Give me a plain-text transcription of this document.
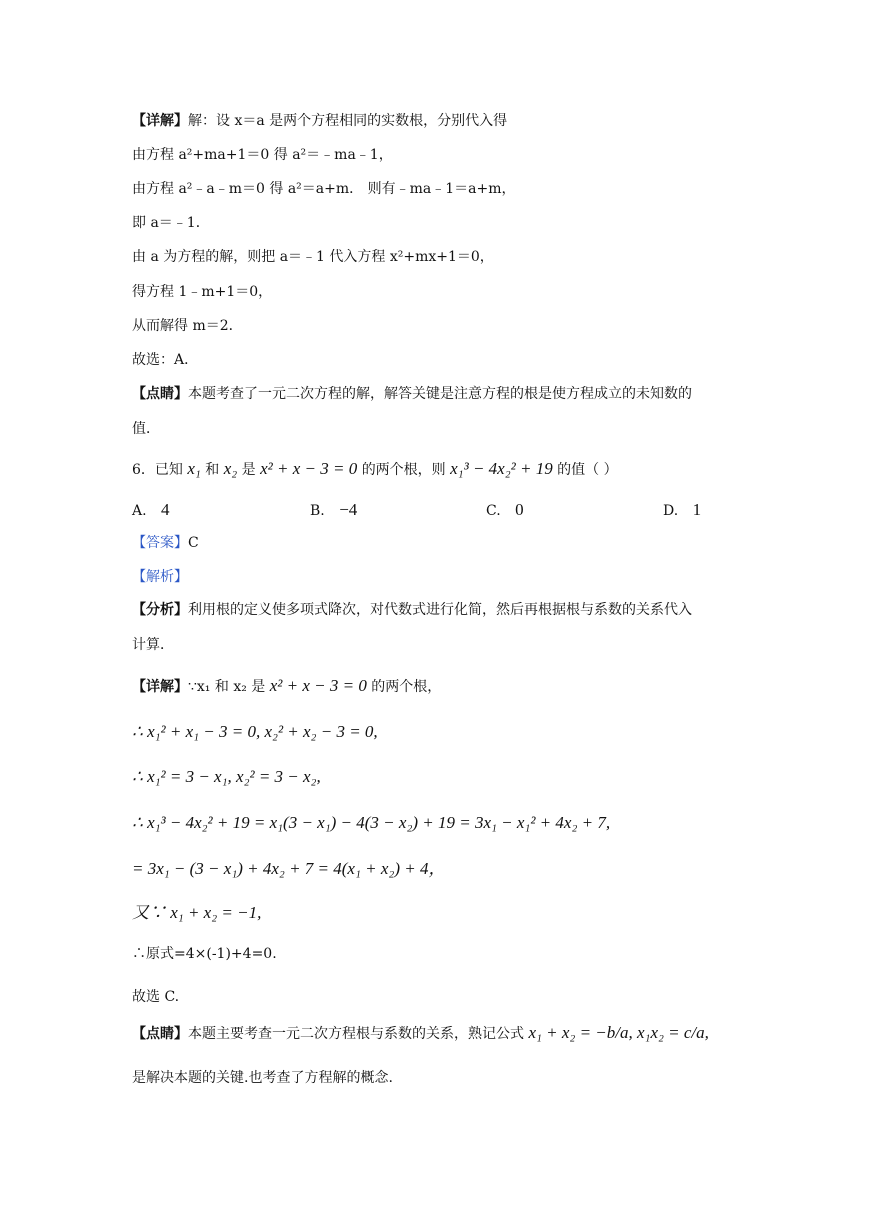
【详解】解：设 x＝a 是两个方程相同的实数根，分别代入得
由方程 a²+ma+1＝0 得 a²＝﹣ma﹣1，
由方程 a²﹣a﹣m＝0 得 a²＝a+m． 则有﹣ma﹣1＝a+m，
即 a＝﹣1．
由 a 为方程的解，则把 a＝﹣1 代入方程 x²+mx+1＝0，
得方程 1﹣m+1＝0，
从而解得 m＝2．
故选：A．
【点睛】本题考查了一元二次方程的解，解答关键是注意方程的根是使方程成立的未知数的
值．
6．已知 x₁ 和 x₂ 是 x² + x − 3 = 0 的两个根，则 x₁³ − 4x₂² + 19 的值（ ）
A. 4	B. −4	C. 0	D. 1
【答案】C
【解析】
【分析】利用根的定义使多项式降次，对代数式进行化简，然后再根据根与系数的关系代入
计算．
【详解】∵x₁ 和 x₂ 是 x² + x − 3 = 0 的两个根，
∴ x₁² + x₁ − 3 = 0, x₂² + x₂ − 3 = 0,
∴ x₁² = 3 − x₁, x₂² = 3 − x₂,
∴ x₁³ − 4x₂² + 19 = x₁(3 − x₁) − 4(3 − x₂) + 19 = 3x₁ − x₁² + 4x₂ + 7,
= 3x₁ − (3 − x₁) + 4x₂ + 7 = 4(x₁ + x₂) + 4，
又∵ x₁ + x₂ = −1,
∴原式=4×(-1)+4=0.
故选 C.
【点睛】本题主要考查一元二次方程根与系数的关系，熟记公式 x₁ + x₂ = −b/a, x₁x₂ = c/a,
是解决本题的关键.也考查了方程解的概念.
